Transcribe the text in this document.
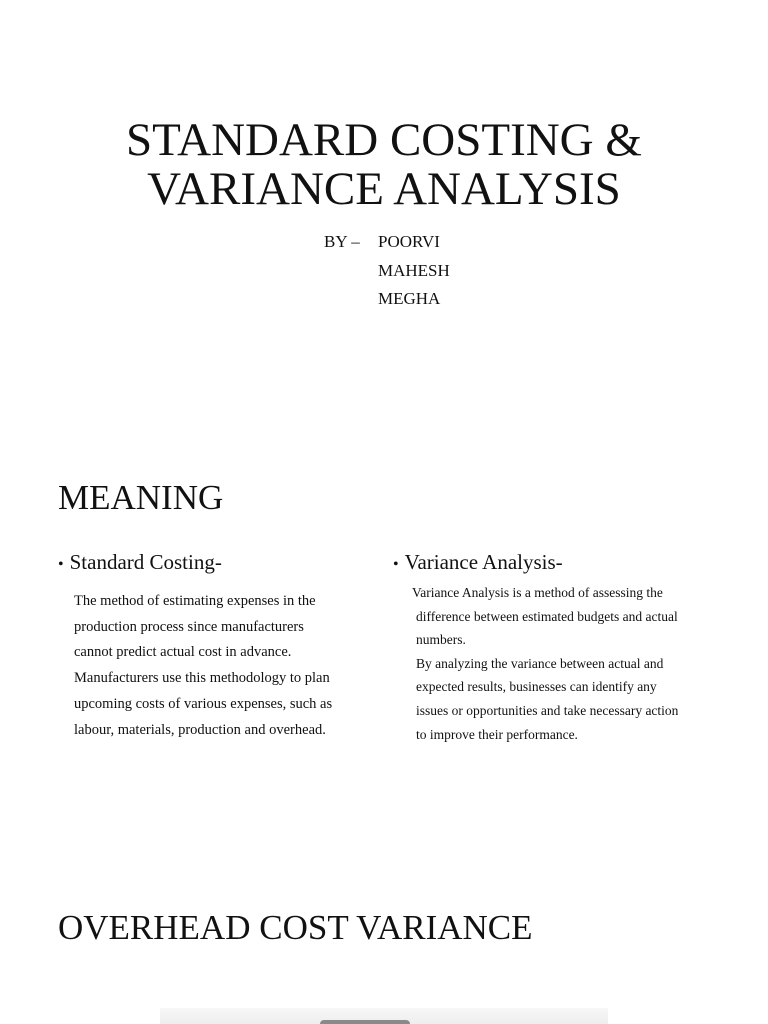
STANDARD COSTING &
VARIANCE ANALYSIS
BY –	POORVI
MAHESH
MEGHA
MEANING
• Standard Costing-
The method of estimating expenses in the
production process since manufacturers
cannot predict actual cost in advance.
Manufacturers use this methodology to plan
upcoming costs of various expenses, such as
labour, materials, production and overhead.
• Variance Analysis-
Variance Analysis is a method of assessing the
difference between estimated budgets and actual
numbers.
By analyzing the variance between actual and
expected results, businesses can identify any
issues or opportunities and take necessary action
to improve their performance.
OVERHEAD COST VARIANCE
